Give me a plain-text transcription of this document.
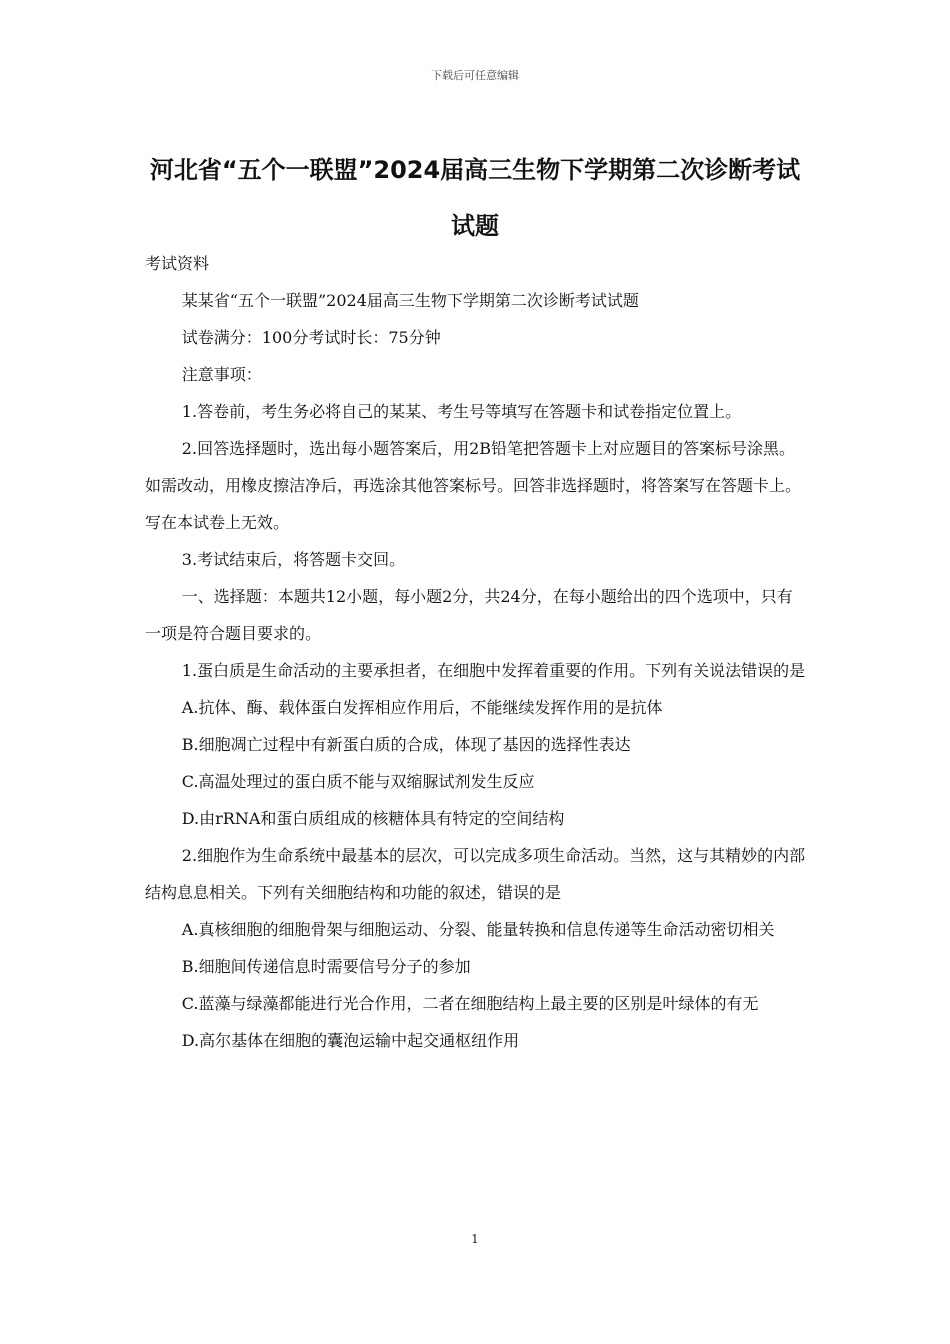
下载后可任意编辑
河北省“五个一联盟”2024届高三生物下学期第二次诊断考试试题

考试资料

某某省“五个一联盟”2024届高三生物下学期第二次诊断考试试题

试卷满分：100分考试时长：75分钟

注意事项：

1.答卷前，考生务必将自己的某某、考生号等填写在答题卡和试卷指定位置上。

2.回答选择题时，选出每小题答案后，用2B铅笔把答题卡上对应题目的答案标号涂黑。如需改动，用橡皮擦洁净后，再选涂其他答案标号。回答非选择题时，将答案写在答题卡上。写在本试卷上无效。

3.考试结束后，将答题卡交回。

一、选择题：本题共12小题，每小题2分，共24分，在每小题给出的四个选项中，只有一项是符合题目要求的。

1.蛋白质是生命活动的主要承担者，在细胞中发挥着重要的作用。下列有关说法错误的是

A.抗体、酶、载体蛋白发挥相应作用后，不能继续发挥作用的是抗体

B.细胞凋亡过程中有新蛋白质的合成，体现了基因的选择性表达

C.高温处理过的蛋白质不能与双缩脲试剂发生反应

D.由rRNA和蛋白质组成的核糖体具有特定的空间结构

2.细胞作为生命系统中最基本的层次，可以完成多项生命活动。当然，这与其精妙的内部结构息息相关。下列有关细胞结构和功能的叙述，错误的是

A.真核细胞的细胞骨架与细胞运动、分裂、能量转换和信息传递等生命活动密切相关

B.细胞间传递信息时需要信号分子的参加

C.蓝藻与绿藻都能进行光合作用，二者在细胞结构上最主要的区别是叶绿体的有无

D.高尔基体在细胞的囊泡运输中起交通枢纽作用

1
